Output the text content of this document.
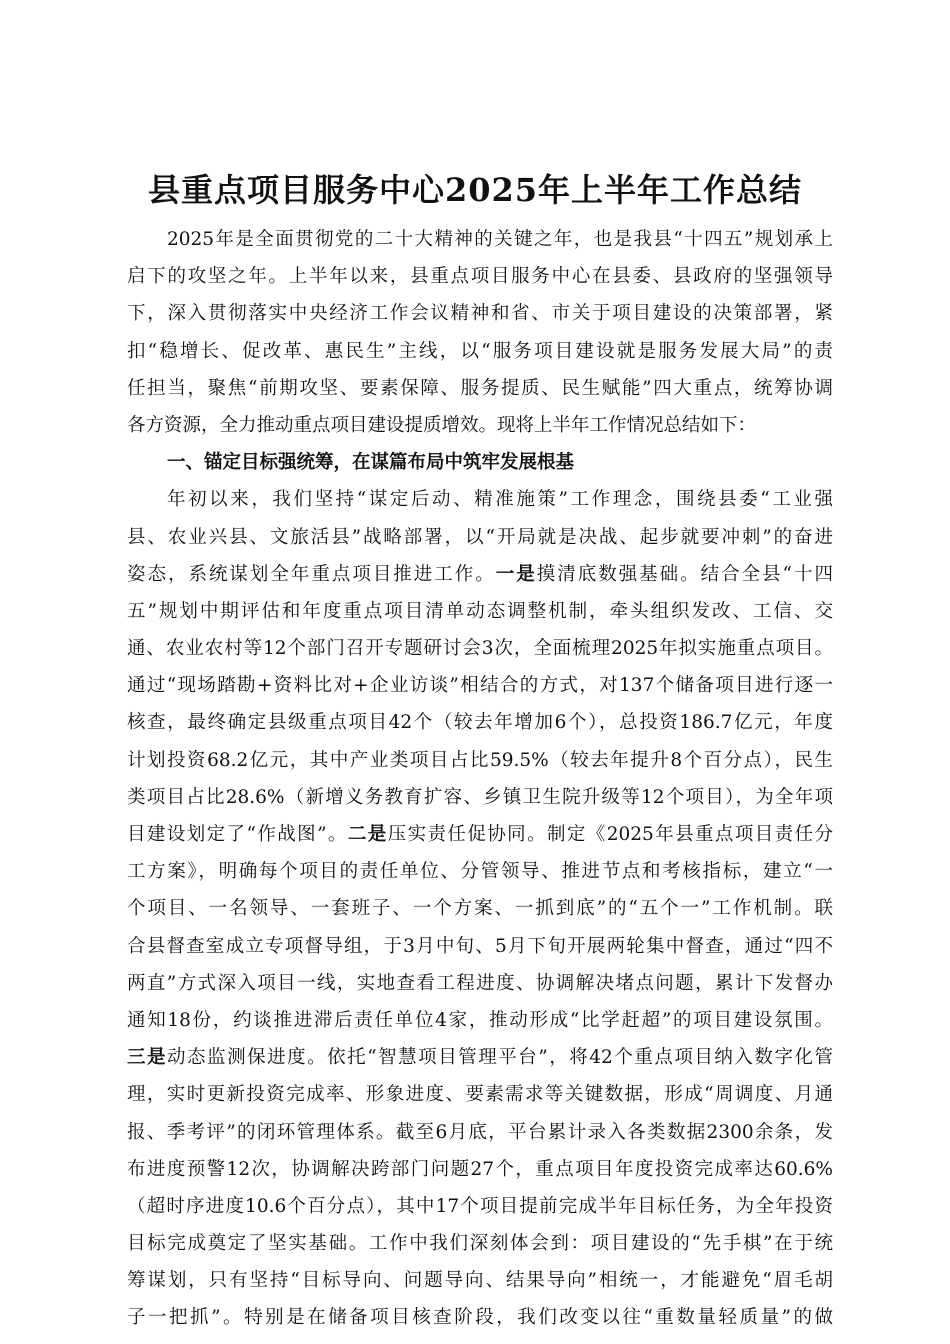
县重点项目服务中心2025年上半年工作总结
2025年是全面贯彻党的二十大精神的关键之年，也是我县“十四五”规划承上
启下的攻坚之年。上半年以来，县重点项目服务中心在县委、县政府的坚强领导
下，深入贯彻落实中央经济工作会议精神和省、市关于项目建设的决策部署，紧
扣“稳增长、促改革、惠民生”主线，以“服务项目建设就是服务发展大局”的责
任担当，聚焦“前期攻坚、要素保障、服务提质、民生赋能”四大重点，统筹协调
各方资源，全力推动重点项目建设提质增效。现将上半年工作情况总结如下：
一、锚定目标强统筹，在谋篇布局中筑牢发展根基
年初以来，我们坚持“谋定后动、精准施策”工作理念，围绕县委“工业强
县、农业兴县、文旅活县”战略部署，以“开局就是决战、起步就要冲刺”的奋进
姿态，系统谋划全年重点项目推进工作。一是摸清底数强基础。结合全县“十四
五”规划中期评估和年度重点项目清单动态调整机制，牵头组织发改、工信、交
通、农业农村等12个部门召开专题研讨会3次，全面梳理2025年拟实施重点项目。
通过“现场踏勘+资料比对+企业访谈”相结合的方式，对137个储备项目进行逐一
核查，最终确定县级重点项目42个（较去年增加6个），总投资186.7亿元，年度
计划投资68.2亿元，其中产业类项目占比59.5%（较去年提升8个百分点），民生
类项目占比28.6%（新增义务教育扩容、乡镇卫生院升级等12个项目），为全年项
目建设划定了“作战图”。二是压实责任促协同。制定《2025年县重点项目责任分
工方案》，明确每个项目的责任单位、分管领导、推进节点和考核指标，建立“一
个项目、一名领导、一套班子、一个方案、一抓到底”的“五个一”工作机制。联
合县督查室成立专项督导组，于3月中旬、5月下旬开展两轮集中督查，通过“四不
两直”方式深入项目一线，实地查看工程进度、协调解决堵点问题，累计下发督办
通知18份，约谈推进滞后责任单位4家，推动形成“比学赶超”的项目建设氛围。
三是动态监测保进度。依托“智慧项目管理平台”，将42个重点项目纳入数字化管
理，实时更新投资完成率、形象进度、要素需求等关键数据，形成“周调度、月通
报、季考评”的闭环管理体系。截至6月底，平台累计录入各类数据2300余条，发
布进度预警12次，协调解决跨部门问题27个，重点项目年度投资完成率达60.6%
（超时序进度10.6个百分点），其中17个项目提前完成半年目标任务，为全年投资
目标完成奠定了坚实基础。工作中我们深刻体会到：项目建设的“先手棋”在于统
筹谋划，只有坚持“目标导向、问题导向、结果导向”相统一，才能避免“眉毛胡
子一把抓”。特别是在储备项目核查阶段，我们改变以往“重数量轻质量”的做
